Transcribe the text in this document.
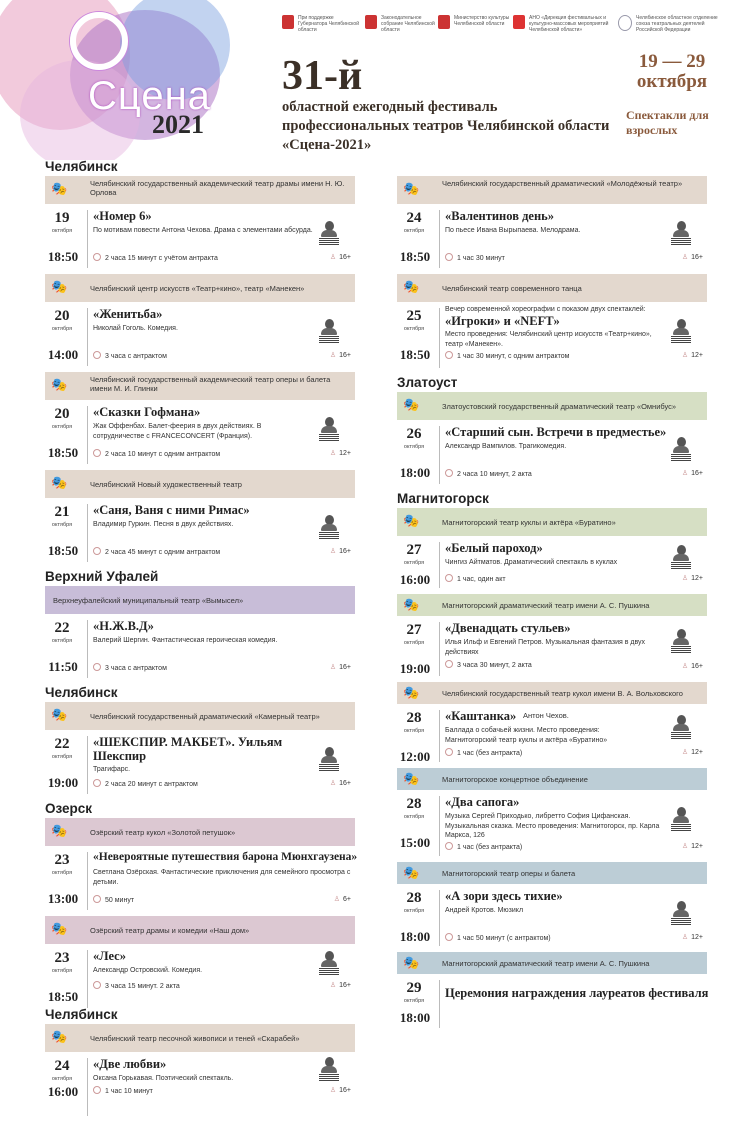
Сцена
2021
При поддержке Губернатора Челябинской области
Законодательное собрание Челябинской области
Министерство культуры Челябинской области
АНО «Дирекция фестивальных и культурно-массовых мероприятий Челябинской области»
Челябинское областное отделение союза театральных деятелей Российской Федерации
31-й
областной ежегодный фестиваль профессиональных театров Челябинской области «Сцена-2021»
19 — 29 октября
Спектакли для взрослых
Челябинск
🎭	Челябинский государственный академический театр драмы имени Н. Ю. Орлова
19
октября
18:50
«Номер 6»
По мотивам повести Антона Чехова. Драма с элементами абсурда.
2 часа 15 минут с учётом антракта	♙ 16+
🎭	Челябинский центр искусств «Театр+кино», театр «Манекен»
20
октября
14:00
«Женитьба»
Николай Гоголь. Комедия.
3 часа с антрактом	♙ 16+
🎭	Челябинский государственный академический театр оперы и балета имени М. И. Глинки
20
октября
18:50
«Сказки Гофмана»
Жак Оффенбах. Балет-феерия в двух действиях. В сотрудничестве с FRANCECONCERT (Франция).
2 часа 10 минут с одним антрактом	♙ 12+
🎭	Челябинский Новый художественный театр
21
октября
18:50
«Саня, Ваня с ними Римас»
Владимир Гуркин. Песня в двух действиях.
2 часа 45 минут с одним антрактом	♙ 16+
Верхний Уфалей
Верхнеуфалейский муниципальный театр «Вымысел»
22
октября
11:50
«Н.Ж.В.Д»
Валерий Шергин. Фантастическая героическая комедия.
3 часа с антрактом	♙ 16+
Челябинск
🎭	Челябинский государственный драматический «Камерный театр»
22
октября
19:00
«ШЕКСПИР. МАКБЕТ». Уильям Шекспир
Трагифарс.
2 часа 20 минут с антрактом	♙ 16+
Озерск
🎭	Озёрский театр кукол «Золотой петушок»
23
октября
13:00
«Невероятные путешествия барона Мюнхгаузена»
Светлана Озёрская. Фантастические приключения для семейного просмотра с детьми.
50 минут	♙ 6+
🎭	Озёрский театр драмы и комедии «Наш дом»
23
октября
18:50
«Лес»
Александр Островский. Комедия.
3 часа 15 минут. 2 акта	♙ 16+
Челябинск
🎭	Челябинский театр песочной живописи и теней «Скарабей»
24
октября
16:00
«Две любви»
Оксана Горькавая. Поэтический спектакль.
1 час 10 минут	♙ 16+
🎭	Челябинский государственный драматический «Молодёжный театр»
24
октября
18:50
«Валентинов день»
По пьесе Ивана Вырыпаева. Мелодрама.
1 час 30 минут	♙ 16+
🎭	Челябинский театр современного танца
25
октября
18:50
Вечер современной хореографии с показом двух спектаклей:
«Игроки» и «NEFT»
Место проведения: Челябинский центр искусств «Театр+кино», театр «Манекен».
1 час 30 минут, с одним антрактом	♙ 12+
Златоуст
🎭	Златоустовский государственный драматический театр «Омнибус»
26
октября
18:00
«Старший сын. Встречи в предместье»
Александр Вампилов. Трагикомедия.
2 часа 10 минут, 2 акта	♙ 16+
Магнитогорск
🎭	Магнитогорский театр куклы и актёра «Буратино»
27
октября
16:00
«Белый пароход»
Чингиз Айтматов. Драматический спектакль в куклах
1 час, один акт	♙ 12+
🎭	Магнитогорский драматический театр имени А. С. Пушкина
27
октября
19:00
«Двенадцать стульев»
Илья Ильф и Евгений Петров. Музыкальная фантазия в двух действиях
3 часа 30 минут, 2 акта	♙ 16+
🎭	Челябинский государственный театр кукол имени В. А. Вольховского
28
октября
12:00
«Каштанка» Антон Чехов.
Баллада о собачьей жизни. Место проведения: Магнитогорский театр куклы и актёра «Буратино»
1 час (без антракта)	♙ 12+
🎭	Магнитогорское концертное объединение
28
октября
15:00
«Два сапога»
Музыка Сергей Приходько, либретто София Цифанская. Музыкальная сказка. Место проведения: Магнитогорск, пр. Карла Маркса, 126
1 час (без антракта)	♙ 12+
🎭	Магнитогорский театр оперы и балета
28
октября
18:00
«А зори здесь тихие»
Андрей Кротов. Мюзикл
1 час 50 минут (с антрактом)	♙ 12+
🎭	Магнитогорский драматический театр имени А. С. Пушкина
29
октября
18:00
Церемония награждения лауреатов фестиваля
